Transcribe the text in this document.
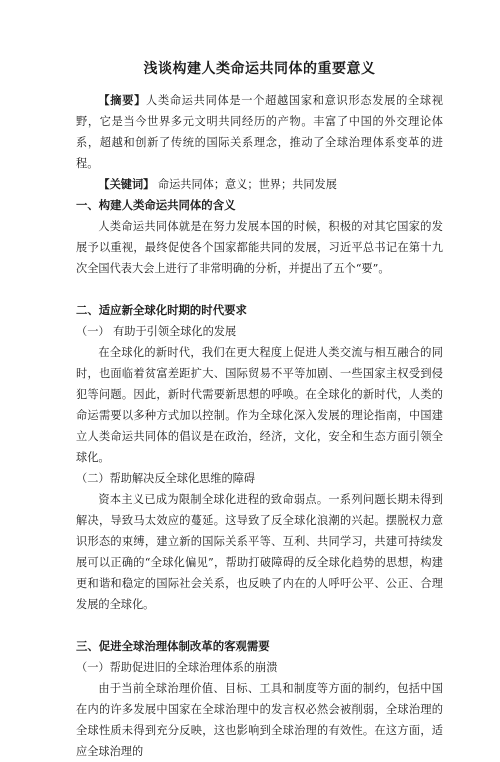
浅谈构建人类命运共同体的重要意义

【摘要】人类命运共同体是一个超越国家和意识形态发展的全球视野，它是当今世界多元文明共同经历的产物。丰富了中国的外交理论体系，超越和创新了传统的国际关系理念，推动了全球治理体系变革的进程。

【关键词】 命运共同体；意义；世界；共同发展

一、构建人类命运共同体的含义

人类命运共同体就是在努力发展本国的时候，积极的对其它国家的发展予以重视，最终促使各个国家都能共同的发展，习近平总书记在第十九次全国代表大会上进行了非常明确的分析，并提出了五个“要”。

二、适应新全球化时期的时代要求
（一） 有助于引领全球化的发展

在全球化的新时代，我们在更大程度上促进人类交流与相互融合的同时，也面临着贫富差距扩大、国际贸易不平等加剧、一些国家主权受到侵犯等问题。因此，新时代需要新思想的呼唤。在全球化的新时代，人类的命运需要以多种方式加以控制。作为全球化深入发展的理论指南，中国建立人类命运共同体的倡议是在政治，经济，文化，安全和生态方面引领全球化。

（二）帮助解决反全球化思维的障碍

资本主义已成为限制全球化进程的致命弱点。一系列问题长期未得到解决，导致马太效应的蔓延。这导致了反全球化浪潮的兴起。摆脱权力意识形态的束缚，建立新的国际关系平等、互利、共同学习，共建可持续发展可以正确的“全球化偏见”，帮助打破障碍的反全球化趋势的思想，构建更和谐和稳定的国际社会关系，也反映了内在的人呼吁公平、公正、合理发展的全球化。

三、促进全球治理体制改革的客观需要
（一）帮助促进旧的全球治理体系的崩溃

由于当前全球治理价值、目标、工具和制度等方面的制约，包括中国在内的许多发展中国家在全球治理中的发言权必然会被削弱，全球治理的全球性质未得到充分反映，这也影响到全球治理的有效性。在这方面，适应全球治理的
